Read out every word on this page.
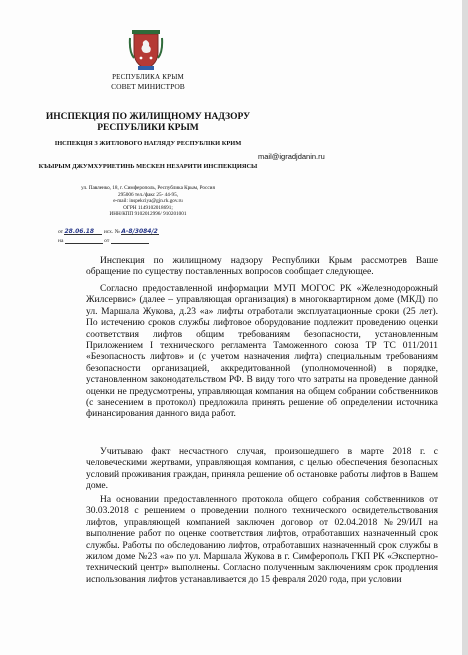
РЕСПУБЛИКА КРЫМ
СОВЕТ МИНИСТРОВ
ИНСПЕКЦИЯ ПО ЖИЛИЩНОМУ НАДЗОРУ РЕСПУБЛИКИ КРЫМ
ІНСПЕКЦІЯ З ЖИТЛОВОГО НАГЛЯДУ РЕСПУБЛІКИ КРИМ
КЪЫРЫМ ДЖУМХУРИЕТИНЬ МЕСКЕН НЕЗАРИТИ ИНСПЕКЦИЯСЫ
ул. Павленко, 18, г. Симферополь, Республика Крым, Россия
295006 тел./факс 25- 44-95,
e-mail: inspekciya@gjn.rk.gov.ru
ОГРН 1149102018691;
ИНН/КПП 9102012996/ 910201001
от 28.06.18 исх. № А-8/3084/2
на	от
mail@igradjdanin.ru

Инспекция по жилищному надзору Республики Крым рассмотрев Ваше обращение по существу поставленных вопросов сообщает следующее.

Согласно предоставленной информации МУП МОГОС РК «Железнодорожный Жилсервис» (далее – управляющая организация) в многоквартирном доме (МКД) по ул. Маршала Жукова, д.23 «а» лифты отработали эксплуатационные сроки (25 лет). По истечению сроков службы лифтовое оборудование подлежит проведению оценки соответствия лифтов общим требованиям безопасности, установленным Приложением I технического регламента Таможенного союза ТР ТС 011/2011 «Безопасность лифтов» и (с учетом назначения лифта) специальным требованиям безопасности организацией, аккредитованной (уполномоченной) в порядке, установленном законодательством РФ. В виду того что затраты на проведение данной оценки не предусмотрены, управляющая компания на общем собрании собственников (с занесением в протокол) предложила принять решение об определении источника финансирования данного вида работ.

Учитываю факт несчастного случая, произошедшего в марте 2018 г. с человеческими жертвами, управляющая компания, с целью обеспечения безопасных условий проживания граждан, приняла решение об остановке работы лифтов в Вашем доме.

На основании предоставленного протокола общего собрания собственников от 30.03.2018 с решением о проведении полного технического освидетельствования лифтов, управляющей компанией заключен договор от 02.04.2018 №29/ИЛ на выполнение работ по оценке соответствия лифтов, отработавших назначенный срок службы. Работы по обследованию лифтов, отработавших назначенный срок службы в жилом доме №23 «а» по ул. Маршала Жукова в г. Симферополь ГКП РК «Экспертно-технический центр» выполнены. Согласно полученным заключениям срок продления использования лифтов устанавливается до 15 февраля 2020 года, при условии
